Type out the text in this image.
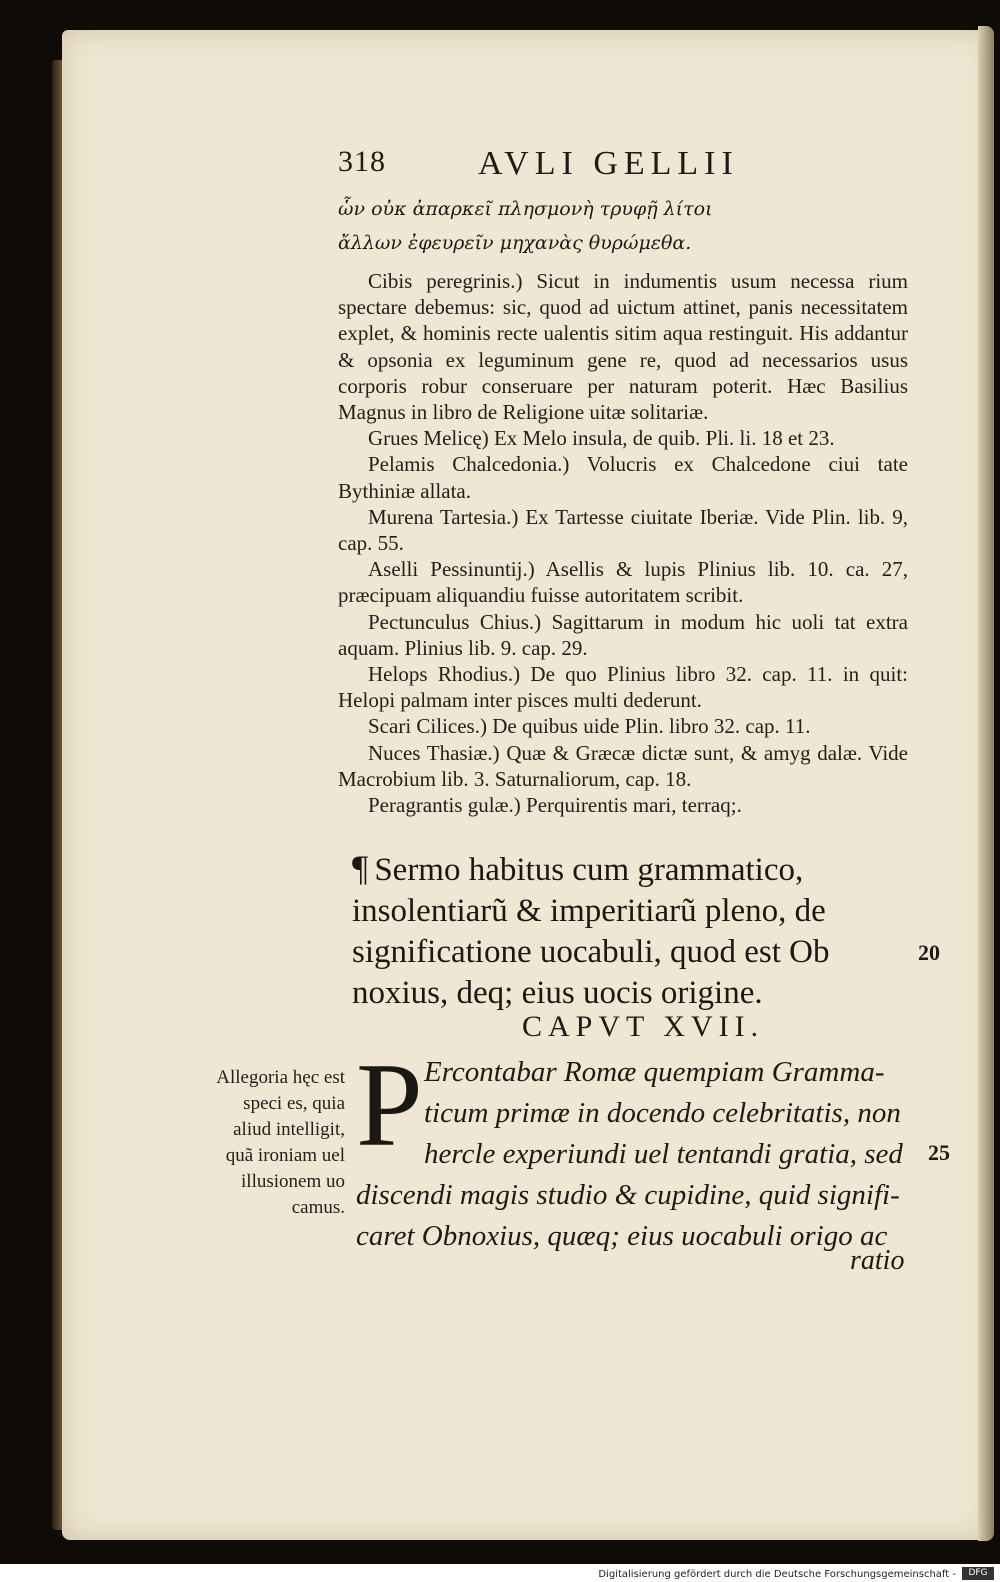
318	AVLI GELLII
ὧν οὐκ ἀπαρκεῖ πλησμονὴ τρυφῇ λίτοι
ἄλλων ἐφευρεῖν μηχανὰς θυρώμεθα.

Cibis peregrinis.) Sicut in indumentis usum necessa rium spectare debemus: sic, quod ad uictum attinet, panis necessitatem explet, & hominis recte ualentis sitim aqua restinguit. His addantur & opsonia ex leguminum gene re, quod ad necessarios usus corporis robur conseruare per naturam poterit. Hæc Basilius Magnus in libro de Religione uitæ solitariæ.

Grues Melicę) Ex Melo insula, de quib. Pli. li. 18 et 23.

Pelamis Chalcedonia.) Volucris ex Chalcedone ciui tate Bythiniæ allata.

Murena Tartesia.) Ex Tartesse ciuitate Iberiæ. Vide Plin. lib. 9, cap. 55.

Aselli Pessinuntij.) Asellis & lupis Plinius lib. 10. ca. 27, præcipuam aliquandiu fuisse autoritatem scribit.

Pectunculus Chius.) Sagittarum in modum hic uoli tat extra aquam. Plinius lib. 9. cap. 29.

Helops Rhodius.) De quo Plinius libro 32. cap. 11. in quit: Helopi palmam inter pisces multi dederunt.

Scari Cilices.) De quibus uide Plin. libro 32. cap. 11.

Nuces Thasiæ.) Quæ & Græcæ dictæ sunt, & amyg dalæ. Vide Macrobium lib. 3. Saturnaliorum, cap. 18.

Peragrantis gulæ.) Perquirentis mari, terraq;.

¶ Sermo habitus cum grammatico, insolentiarũ & imperitiarũ pleno, de significatione uocabuli, quod est Ob noxius, deq; eius uocis origine.
20
CAPVT XVII.
Allegoria hęc est speci es, quia aliud intelligit, quã ironiam uel illusionem uo camus.
P Ercontabar Romæ quempiam Gramma-
ticum primæ in docendo celebritatis, non
hercle experiundi uel tentandi gratia, sed
discendi magis studio & cupidine, quid signifi-
caret Obnoxius, quæq; eius uocabuli origo ac
25
ratio
Digitalisierung gefördert durch die Deutsche Forschungsgemeinschaft -	DFG
